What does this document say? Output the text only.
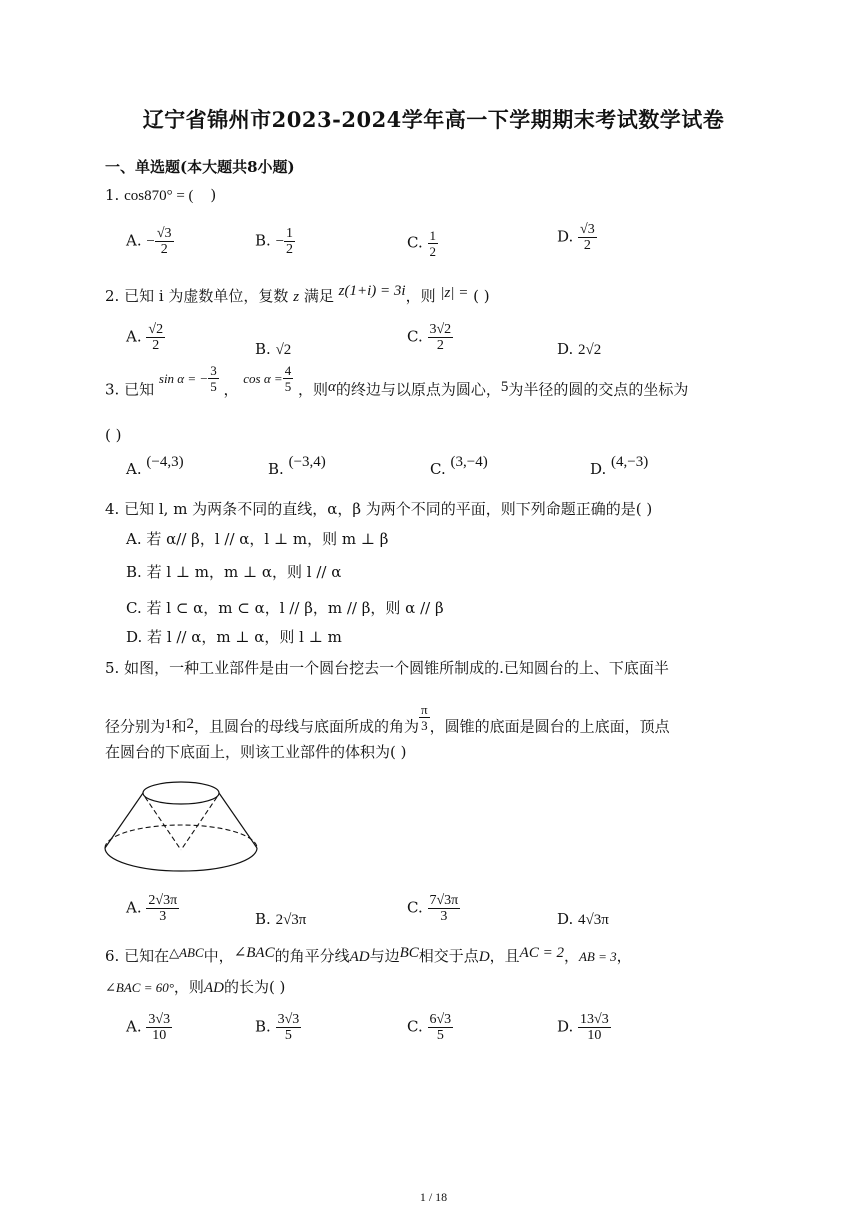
辽宁省锦州市2023-2024学年高一下学期期末考试数学试卷
一、单选题(本大题共8小题)
1. cos870° = ( )
A. − $\frac{√3}{2}$	B. − $\frac{1}{2}$	C. $\frac{1}{2}$	D. $\frac{√3}{2}$
2. 已知 i 为虚数单位，复数 z 满足 z(1+i) = 3i，则 |z| = ( )
A. $\frac{√2}{2}$	B. √2
C. $\frac{3√2}{2}$	D. 2√2
3. 已知 sin α = − $\frac{3}{5}$ ， $\cos \alpha = \frac{4}{5}$ ，则α的终边与以原点为圆心，5为半径的圆的交点的坐标为
( )
A. (−4,3)	B. (−3,4)	C. (3,−4)	D. (4,−3)
4. 已知 l, m 为两条不同的直线，α，β 为两个不同的平面，则下列命题正确的是( )
A. 若 α// β，l // α，l ⊥ m，则 m ⊥ β
B. 若 l ⊥ m，m ⊥ α，则 l // α
C. 若 l ⊂ α，m ⊂ α，l // β，m // β，则 α // β
D. 若 l // α，m ⊥ α，则 l ⊥ m
5. 如图，一种工业部件是由一个圆台挖去一个圆锥所制成的.已知圆台的上、下底面半
径分别为1和2，且圆台的母线与底面所成的角为 $\frac{\pi}{3}$ ，圆锥的底面是圆台的上底面，顶点
在圆台的下底面上，则该工业部件的体积为( )
A. $\frac{2√3\pi}{3}$	B. 2√3π
C. $\frac{7√3\pi}{3}$	D. 4√3π
6. 已知在△ABC中，∠BAC的角平分线AD与边BC相交于点D，且AC = 2，AB = 3，
∠BAC = 60°，则AD的长为( )
A. $\frac{3√3}{10}$	B. $\frac{3√3}{5}$	C. $\frac{6√3}{5}$	D. $\frac{13√3}{10}$
1 / 18
